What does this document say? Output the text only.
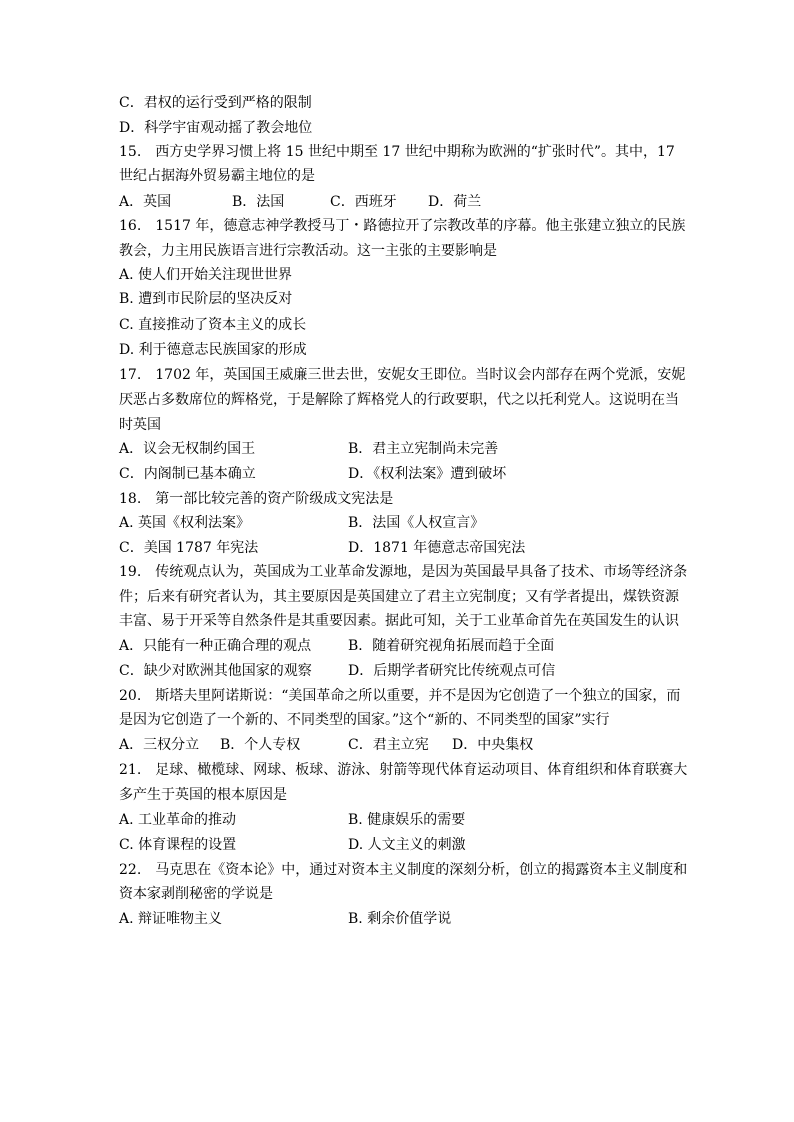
C．君权的运行受到严格的限制
D．科学宇宙观动摇了教会地位
15.　西方史学界习惯上将 15 世纪中期至 17 世纪中期称为欧洲的“扩张时代”。其中，17
世纪占据海外贸易霸主地位的是
A．英国	B．法国	C．西班牙 D．荷兰
16.　1517 年，德意志神学教授马丁・路德拉开了宗教改革的序幕。他主张建立独立的民族
教会，力主用民族语言进行宗教活动。这一主张的主要影响是
A. 使人们开始关注现世世界
B. 遭到市民阶层的坚决反对
C. 直接推动了资本主义的成长
D. 利于德意志民族国家的形成
17.　1702 年，英国国王威廉三世去世，安妮女王即位。当时议会内部存在两个党派，安妮
厌恶占多数席位的辉格党，于是解除了辉格党人的行政要职，代之以托利党人。这说明在当
时英国
A．议会无权制约国王	B．君主立宪制尚未完善
C．内阁制已基本确立	D．《权利法案》遭到破坏
18.　第一部比较完善的资产阶级成文宪法是
A. 英国《权利法案》	B．法国《人权宣言》
C．美国 1787 年宪法	D．1871 年德意志帝国宪法
19.　传统观点认为，英国成为工业革命发源地，是因为英国最早具备了技术、市场等经济条
件；后来有研究者认为，其主要原因是英国建立了君主立宪制度；又有学者提出，煤铁资源
丰富、易于开采等自然条件是其重要因素。据此可知，关于工业革命首先在英国发生的认识
A．只能有一种正确合理的观点	B．随着研究视角拓展而趋于全面
C．缺少对欧洲其他国家的观察	D．后期学者研究比传统观点可信
20.　斯塔夫里阿诺斯说：“美国革命之所以重要，并不是因为它创造了一个独立的国家，而
是因为它创造了一个新的、不同类型的国家。”这个“新的、不同类型的国家”实行
A．三权分立 B．个人专权	C．君主立宪 D．中央集权
21.　足球、橄榄球、网球、板球、游泳、射箭等现代体育运动项目、体育组织和体育联赛大
多产生于英国的根本原因是
A. 工业革命的推动	B. 健康娱乐的需要
C. 体育课程的设置	D. 人文主义的刺激
22.　马克思在《资本论》中，通过对资本主义制度的深刻分析，创立的揭露资本主义制度和
资本家剥削秘密的学说是
A. 辩证唯物主义	B. 剩余价值学说
